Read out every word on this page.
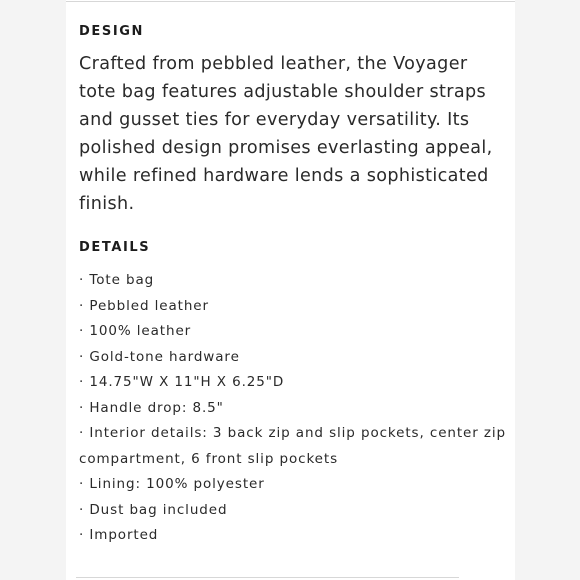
DESIGN

Crafted from pebbled leather, the Voyager tote bag features adjustable shoulder straps and gusset ties for everyday versatility. Its polished design promises everlasting appeal, while refined hardware lends a sophisticated finish.

DETAILS
· Tote bag
· Pebbled leather
· 100% leather
· Gold-tone hardware
· 14.75"W X 11"H X 6.25"D
· Handle drop: 8.5"
· Interior details: 3 back zip and slip pockets, center zip compartment, 6 front slip pockets
· Lining: 100% polyester
· Dust bag included
· Imported
